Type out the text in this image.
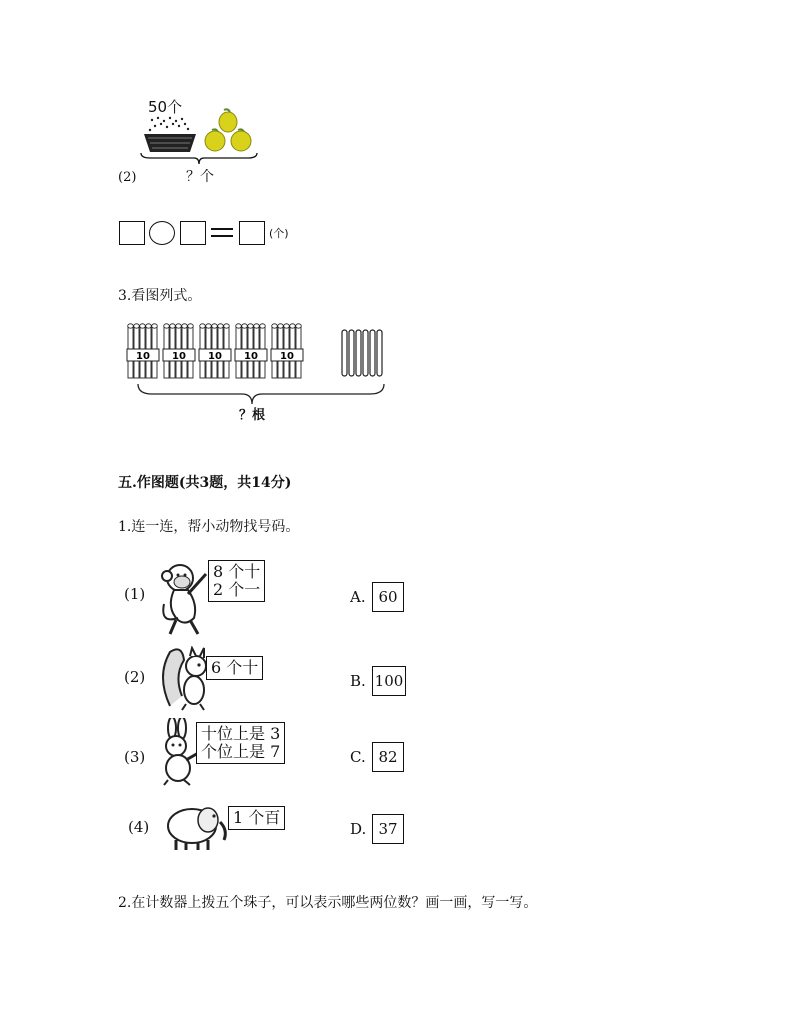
50个
？个
(2)
(个)
3.看图列式。
10 10 10 10 10
？根
五.作图题(共3题，共14分)
1.连一连，帮小动物找号码。
(1)
8 个十
2 个一	A. 60
(2)	6 个十
B. 100
(3)
十位上是 3
个位上是 7	C. 82
(4)	1 个百
D. 37
2.在计数器上拨五个珠子，可以表示哪些两位数？画一画，写一写。
